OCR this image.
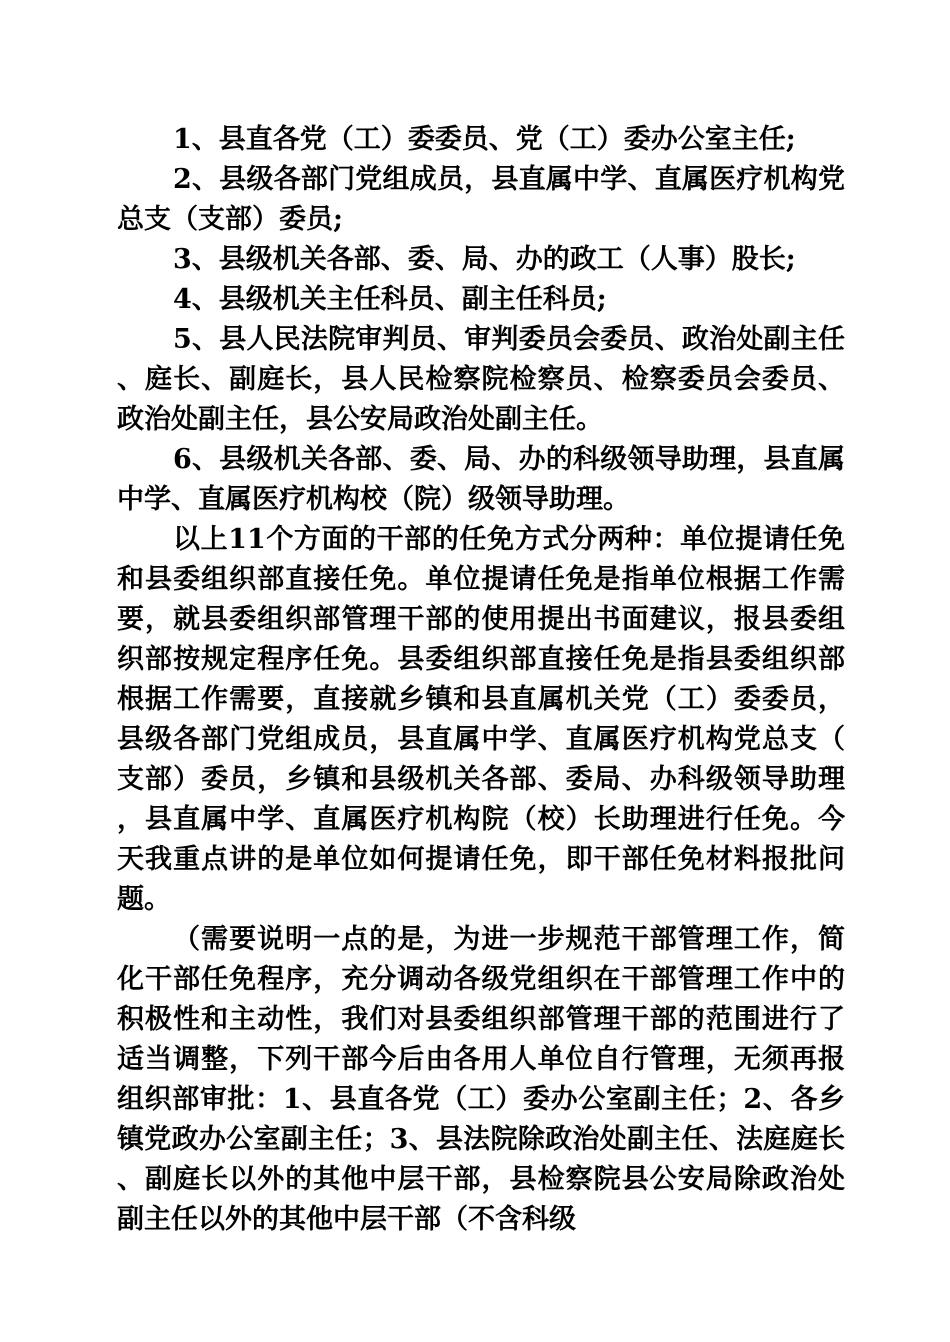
1、县直各党（工）委委员、党（工）委办公室主任;

2、县级各部门党组成员，县直属中学、直属医疗机构党总支（支部）委员;

3、县级机关各部、委、局、办的政工（人事）股长;

4、县级机关主任科员、副主任科员;

5、县人民法院审判员、审判委员会委员、政治处副主任、庭长、副庭长，县人民检察院检察员、检察委员会委员、政治处副主任，县公安局政治处副主任。

6、县级机关各部、委、局、办的科级领导助理，县直属中学、直属医疗机构校（院）级领导助理。

以上11个方面的干部的任免方式分两种：单位提请任免和县委组织部直接任免。单位提请任免是指单位根据工作需要，就县委组织部管理干部的使用提出书面建议，报县委组织部按规定程序任免。县委组织部直接任免是指县委组织部根据工作需要，直接就乡镇和县直属机关党（工）委委员，县级各部门党组成员，县直属中学、直属医疗机构党总支（支部）委员，乡镇和县级机关各部、委局、办科级领导助理，县直属中学、直属医疗机构院（校）长助理进行任免。今天我重点讲的是单位如何提请任免，即干部任免材料报批问题。

（需要说明一点的是，为进一步规范干部管理工作，简化干部任免程序，充分调动各级党组织在干部管理工作中的积极性和主动性，我们对县委组织部管理干部的范围进行了适当调整，下列干部今后由各用人单位自行管理，无须再报组织部审批：1、县直各党（工）委办公室副主任；2、各乡镇党政办公室副主任；3、县法院除政治处副主任、法庭庭长、副庭长以外的其他中层干部，县检察院县公安局除政治处副主任以外的其他中层干部（不含科级
